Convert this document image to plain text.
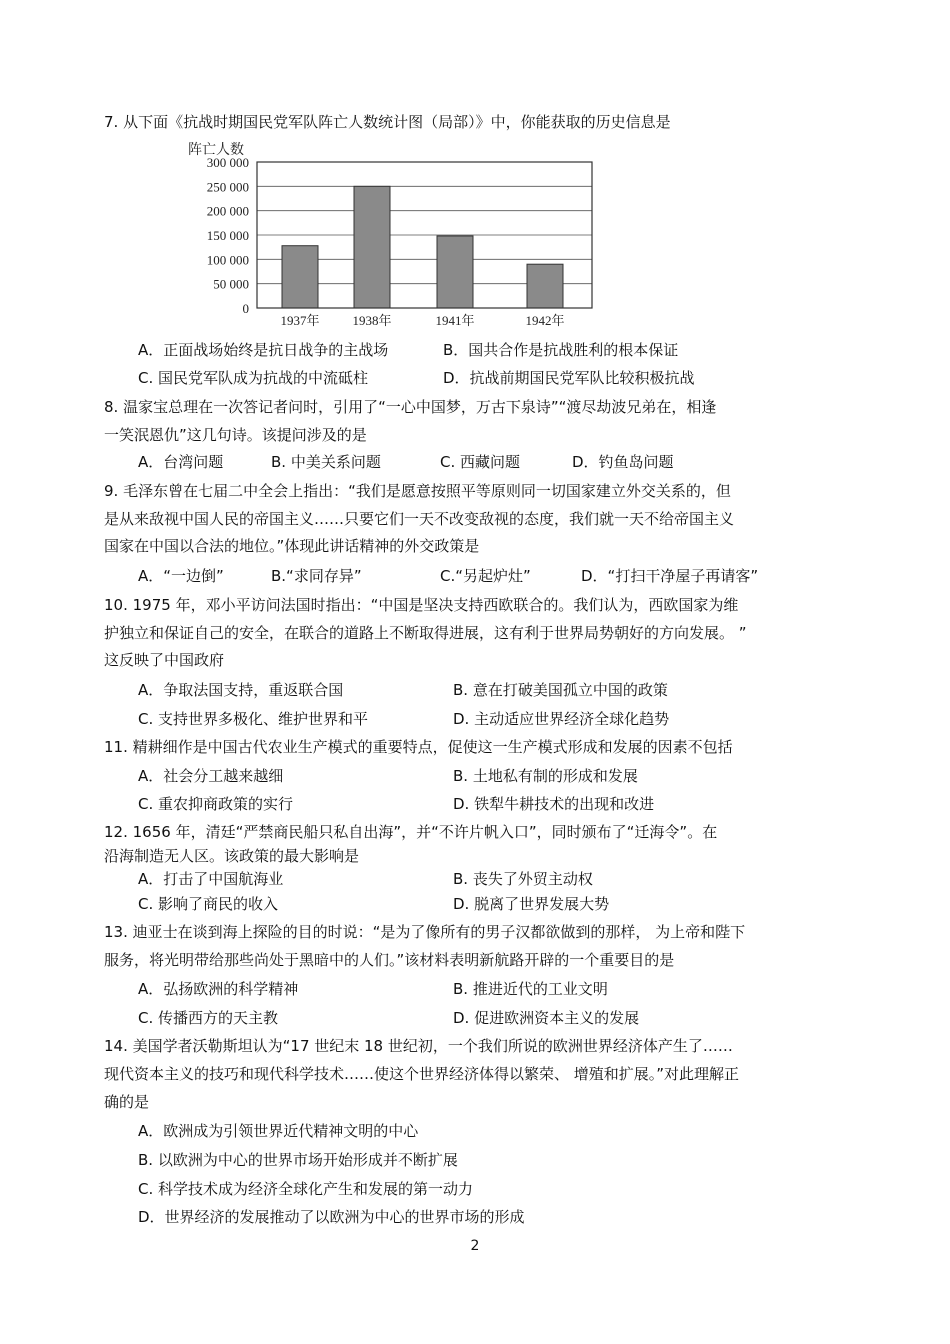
7. 从下面《抗战时期国民党军队阵亡人数统计图（局部）》中，你能获取的历史信息是
阵亡人数
0
50 000
100 000
150 000
200 000
250 000
300 000
1937年	1938年	1941年	1942年
A．正面战场始终是抗日战争的主战场	B．国共合作是抗战胜利的根本保证
C. 国民党军队成为抗战的中流砥柱	D．抗战前期国民党军队比较积极抗战
8. 温家宝总理在一次答记者问时，引用了“一心中国梦，万古下泉诗”“渡尽劫波兄弟在，相逢
一笑泯恩仇”这几句诗。该提问涉及的是
A．台湾问题	B. 中美关系问题	C. 西藏问题	D．钓鱼岛问题
9. 毛泽东曾在七届二中全会上指出：“我们是愿意按照平等原则同一切国家建立外交关系的，但
是从来敌视中国人民的帝国主义……只要它们一天不改变敌视的态度，我们就一天不给帝国主义
国家在中国以合法的地位。”体现此讲话精神的外交政策是
A．“一边倒”	B.“求同存异”	C.“另起炉灶”	D．“打扫干净屋子再请客”
10. 1975 年，邓小平访问法国时指出：“中国是坚决支持西欧联合的。我们认为，西欧国家为维
护独立和保证自己的安全，在联合的道路上不断取得进展，这有利于世界局势朝好的方向发展。 ”
这反映了中国政府
A．争取法国支持，重返联合国	B. 意在打破美国孤立中国的政策
C. 支持世界多极化、维护世界和平	D. 主动适应世界经济全球化趋势
11. 精耕细作是中国古代农业生产模式的重要特点，促使这一生产模式形成和发展的因素不包括
A．社会分工越来越细	B. 土地私有制的形成和发展
C. 重农抑商政策的实行	D. 铁犁牛耕技术的出现和改进
12. 1656 年，清廷“严禁商民船只私自出海”，并“不许片帆入口”，同时颁布了“迁海令”。在
沿海制造无人区。该政策的最大影响是
A．打击了中国航海业	B. 丧失了外贸主动权
C. 影响了商民的收入	D. 脱离了世界发展大势
13. 迪亚士在谈到海上探险的目的时说：“是为了像所有的男子汉都欲做到的那样， 为上帝和陛下
服务，将光明带给那些尚处于黑暗中的人们。”该材料表明新航路开辟的一个重要目的是
A．弘扬欧洲的科学精神	B. 推进近代的工业文明
C. 传播西方的天主教	D. 促进欧洲资本主义的发展
14. 美国学者沃勒斯坦认为“17 世纪末 18 世纪初，一个我们所说的欧洲世界经济体产生了……
现代资本主义的技巧和现代科学技术……使这个世界经济体得以繁荣、 增殖和扩展。”对此理解正
确的是
A．欧洲成为引领世界近代精神文明的中心
B. 以欧洲为中心的世界市场开始形成并不断扩展
C. 科学技术成为经济全球化产生和发展的第一动力
D．世界经济的发展推动了以欧洲为中心的世界市场的形成
2
